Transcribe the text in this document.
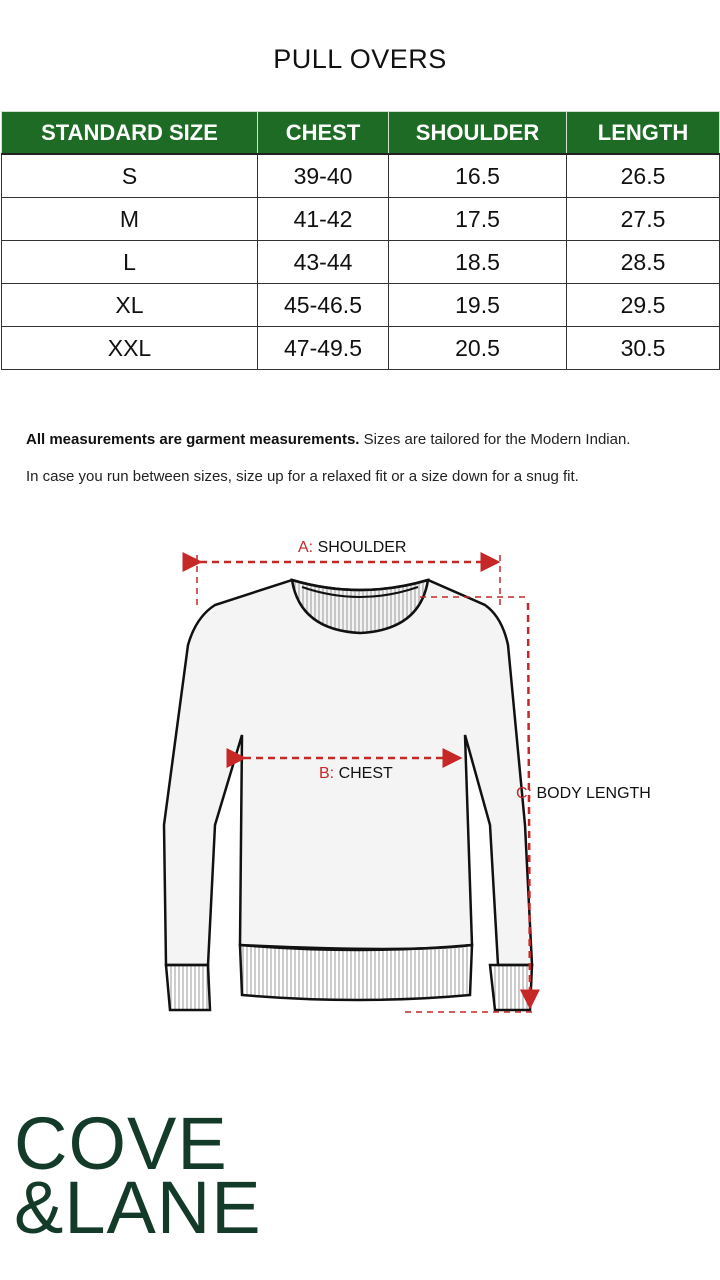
PULL OVERS
STANDARD SIZE	CHEST	SHOULDER	LENGTH
S	39-40	16.5	26.5
M	41-42	17.5	27.5
L	43-44	18.5	28.5
XL	45-46.5	19.5	29.5
XXL	47-49.5	20.5	30.5
All measurements are garment measurements. Sizes are tailored for the Modern Indian.
In case you run between sizes, size up for a relaxed fit or a size down for a snug fit.
A: SHOULDER
B: CHEST
C: BODY LENGTH
COVE
&LANE
